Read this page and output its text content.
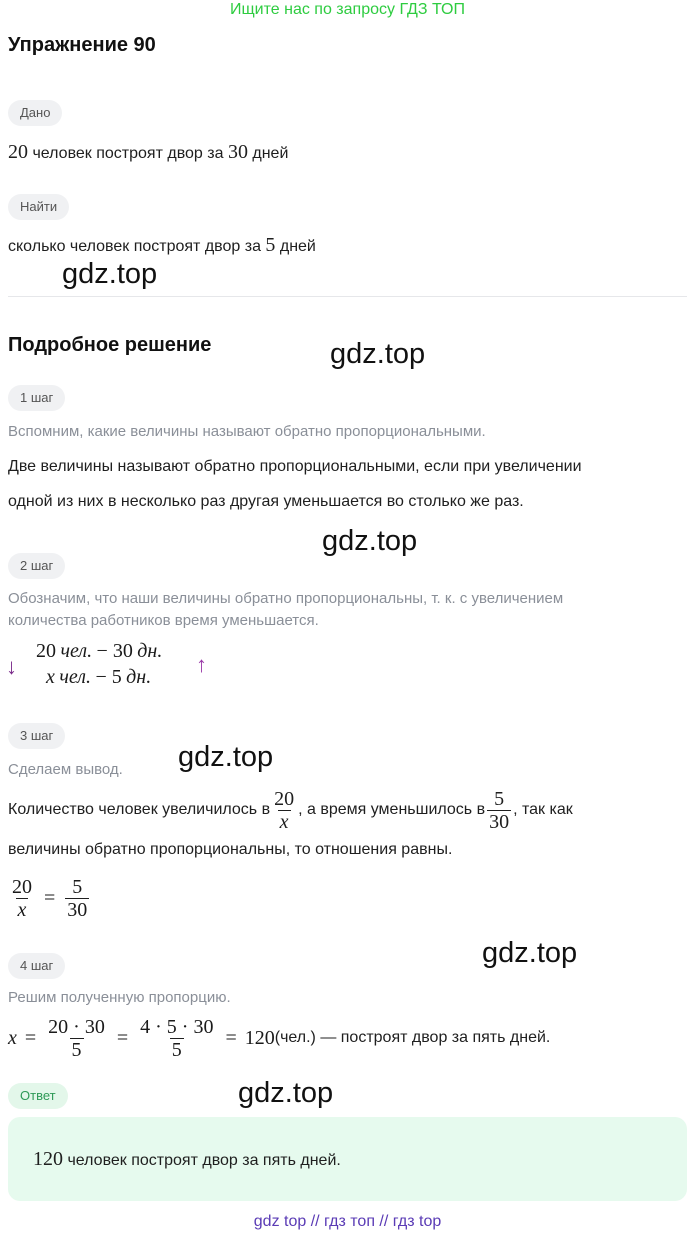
Ищите нас по запросу ГДЗ ТОП
Упражнение 90
Дано
20 человек построят двор за 30 дней
Найти
сколько человек построят двор за 5 дней
gdz.top
Подробное решение	gdz.top
1 шаг
Вспомним, какие величины называют обратно пропорциональными.
Две величины называют обратно пропорциональными, если при увеличении
одной из них в несколько раз другая уменьшается во столько же раз.
gdz.top
2 шаг
Обозначим, что наши величины обратно пропорциональны, т. к. с увеличением
количества работников время уменьшается.
↓
20
чел.
− 30
дн.
x
чел.
− 5
дн. ↑
3 шаг
gdz.top
Сделаем вывод.
Количество человек увеличилось в $\frac{20}{x}$ , а время уменьшилось в $\frac{5}{30}$ , так как
величины обратно пропорциональны, то отношения равны.
$\frac{20}{x} = \frac{5}{30}$
gdz.top
4 шаг
Решим полученную пропорцию.
$x = \frac{20 \cdot 30}{5} = \frac{4 \cdot 5 \cdot 30}{5} = 120$ (чел.) — построят двор за пять дней.
Ответ	gdz.top
120 человек построят двор за пять дней.
gdz top // гдз топ // гдз top
